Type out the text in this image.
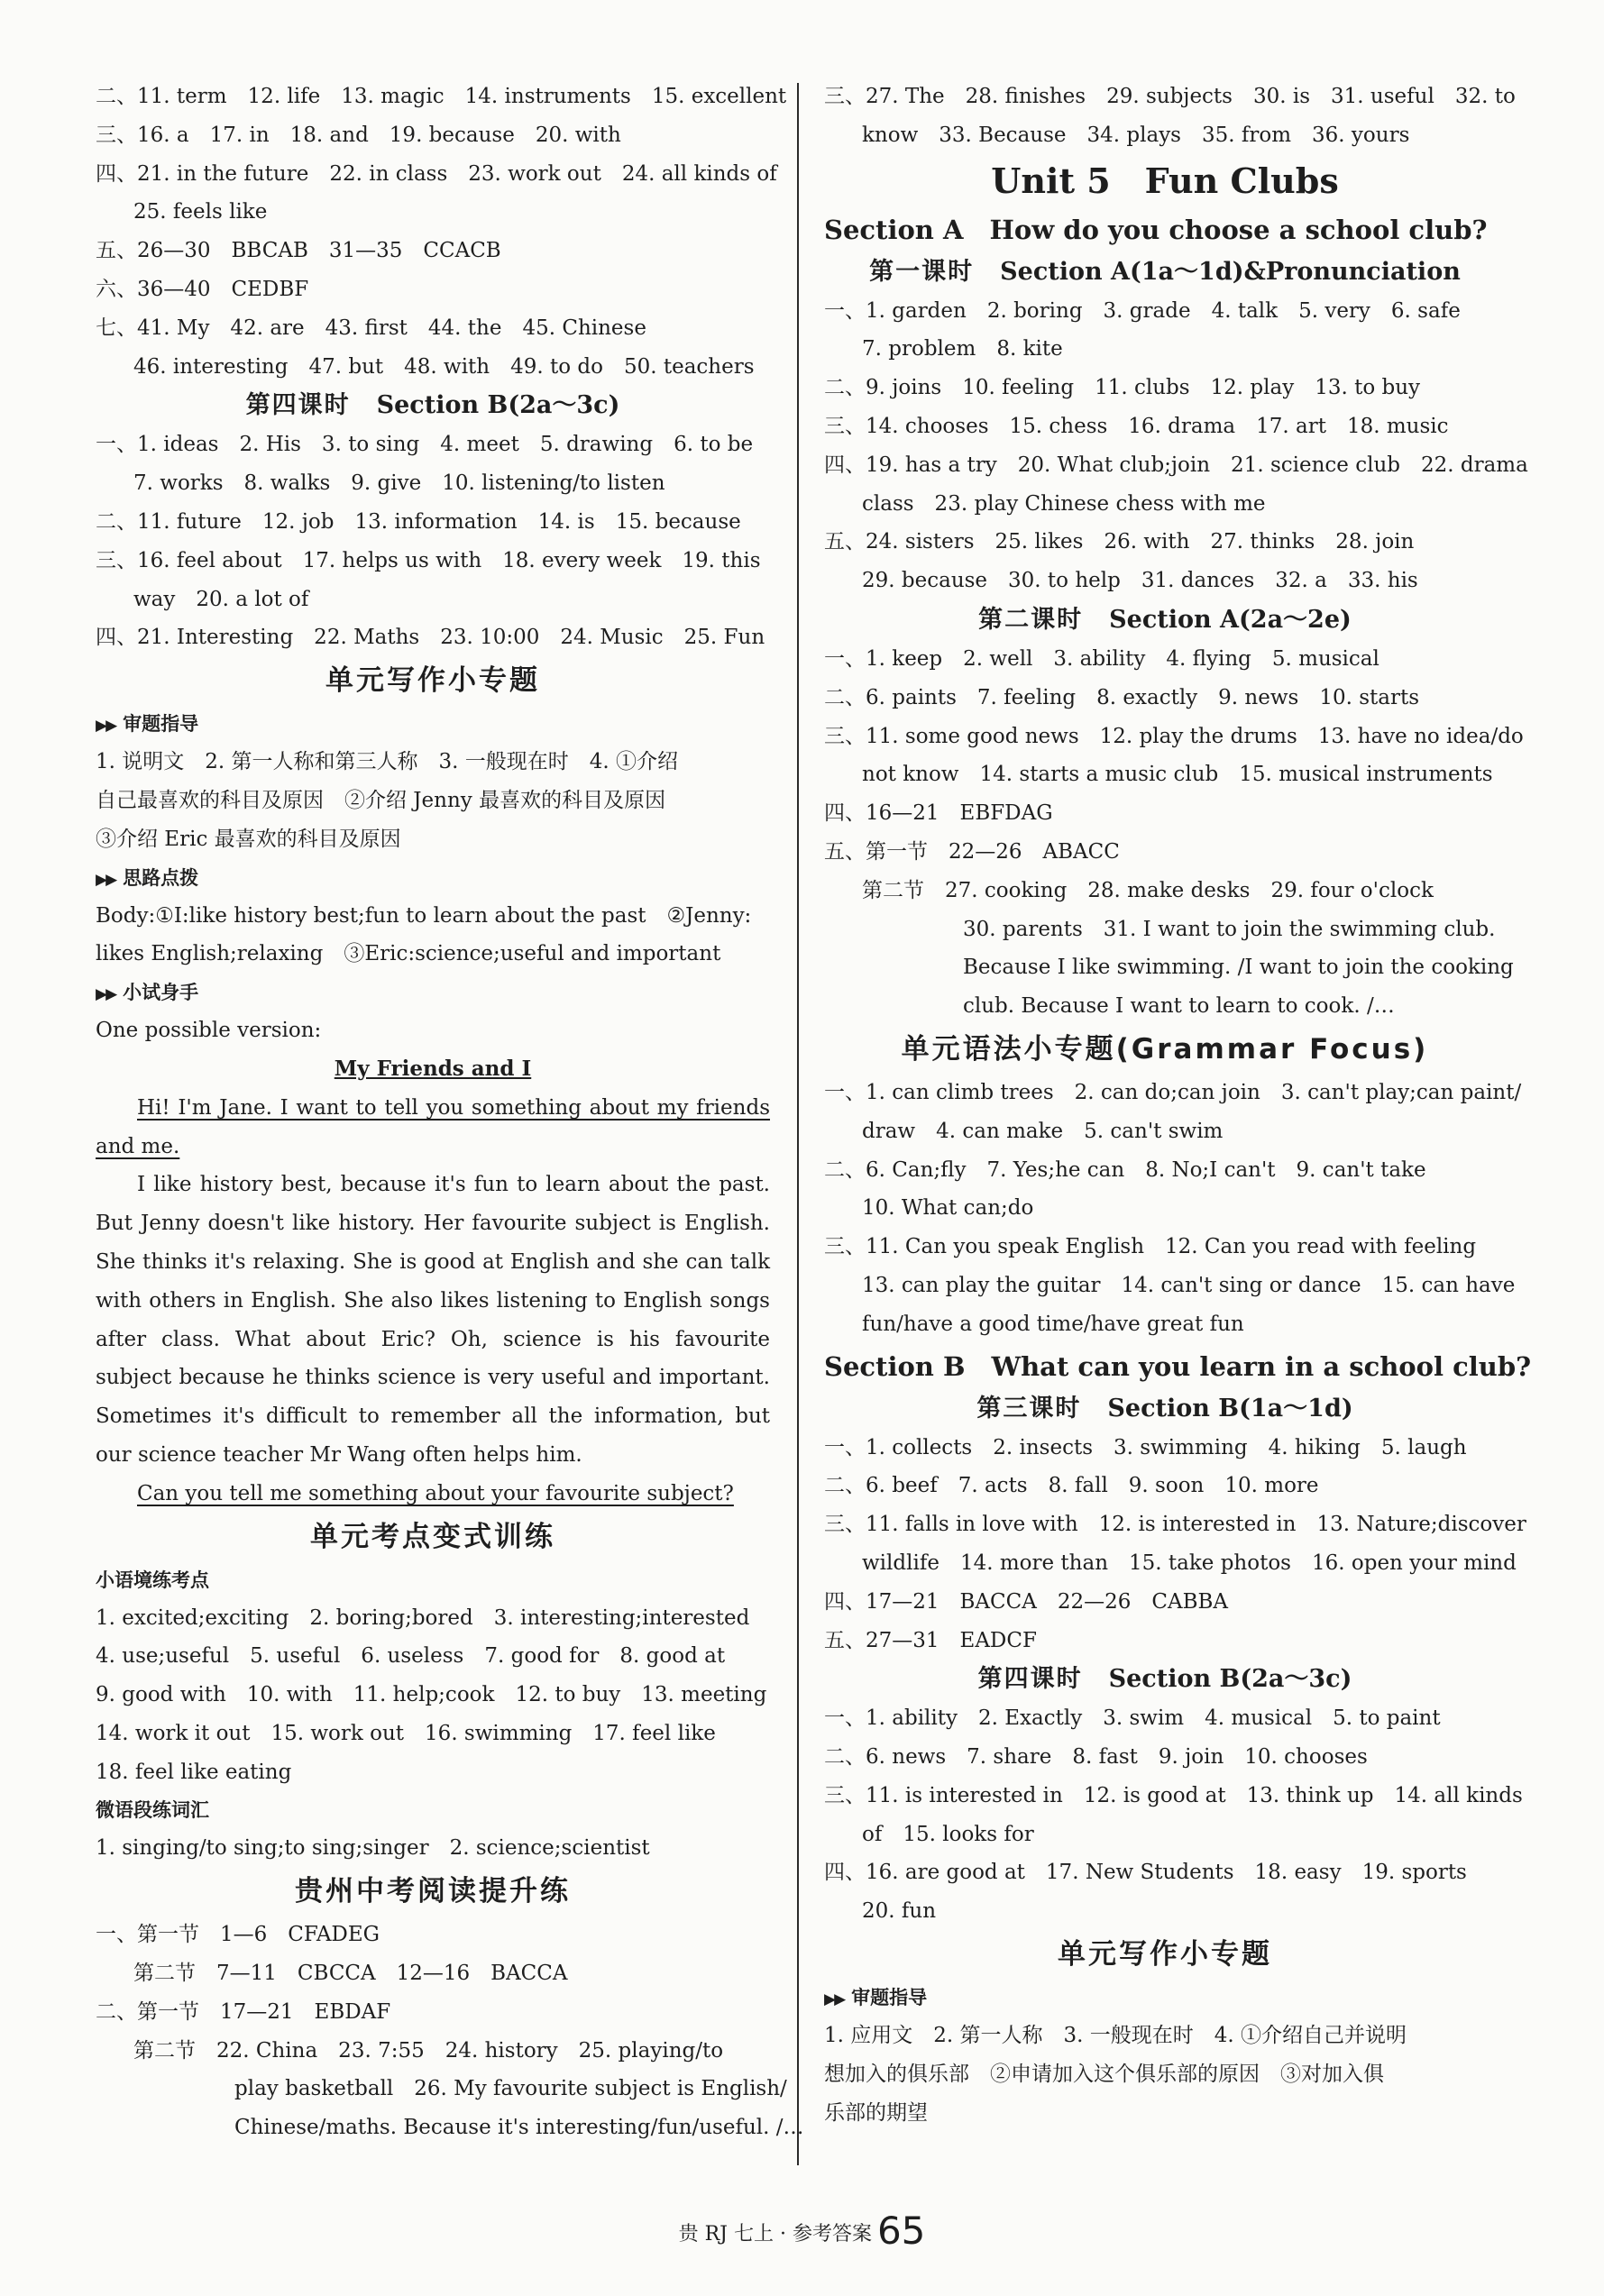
二、11. term　12. life　13. magic　14. instruments　15. excellent
三、16. a　17. in　18. and　19. because　20. with
四、21. in the future　22. in class　23. work out　24. all kinds of
25. feels like
五、26—30　BBCAB　31—35　CCACB
六、36—40　CEDBF
七、41. My　42. are　43. first　44. the　45. Chinese
46. interesting　47. but　48. with　49. to do　50. teachers
第四课时　 Section B(2a～3c)
一、1. ideas　2. His　3. to sing　4. meet　5. drawing　6. to be
7. works　8. walks　9. give　10. listening/to listen
二、11. future　12. job　13. information　14. is　15. because
三、16. feel about　17. helps us with　18. every week　19. this
way　20. a lot of
四、21. Interesting　22. Maths　23. 10:00　24. Music　25. Fun
单元写作小专题
▶▶ 审题指导
1. 说明文　2. 第一人称和第三人称　3. 一般现在时　4. ①介绍
自己最喜欢的科目及原因　②介绍 Jenny 最喜欢的科目及原因
③介绍 Eric 最喜欢的科目及原因
▶▶ 思路点拨
Body:①I:like history best;fun to learn about the past　②Jenny:
likes English;relaxing　③Eric:science;useful and important
▶▶ 小试身手
One possible version:
My Friends and I

Hi! I'm Jane. I want to tell you something about my friends and me.

I like history best, because it's fun to learn about the past. But Jenny doesn't like history. Her favourite subject is English. She thinks it's relaxing. She is good at English and she can talk with others in English. She also likes listening to English songs after class. What about Eric? Oh, science is his favourite subject because he thinks science is very useful and important. Sometimes it's difficult to remember all the information, but our science teacher Mr Wang often helps him.

Can you tell me something about your favourite subject?

单元考点变式训练
小语境练考点
1. excited;exciting　2. boring;bored　3. interesting;interested
4. use;useful　5. useful　6. useless　7. good for　8. good at
9. good with　10. with　11. help;cook　12. to buy　13. meeting
14. work it out　15. work out　16. swimming　17. feel like
18. feel like eating
微语段练词汇
1. singing/to sing;to sing;singer　2. science;scientist
贵州中考阅读提升练
一、第一节　1—6　CFADEG
第二节　7—11　CBCCA　12—16　BACCA
二、第一节　17—21　EBDAF
第二节　22. China　23. 7:55　24. history　25. playing/to
play basketball　26. My favourite subject is English/
Chinese/maths. Because it's interesting/fun/useful. /…
三、27. The　28. finishes　29. subjects　30. is　31. useful　32. to
know　33. Because　34. plays　35. from　36. yours
Unit 5　Fun Clubs
Section A　How do you choose a school club?
第一课时　 Section A(1a～1d)&Pronunciation
一、1. garden　2. boring　3. grade　4. talk　5. very　6. safe
7. problem　8. kite
二、9. joins　10. feeling　11. clubs　12. play　13. to buy
三、14. chooses　15. chess　16. drama　17. art　18. music
四、19. has a try　20. What club;join　21. science club　22. drama
class　23. play Chinese chess with me
五、24. sisters　25. likes　26. with　27. thinks　28. join
29. because　30. to help　31. dances　32. a　33. his
第二课时　 Section A(2a～2e)
一、1. keep　2. well　3. ability　4. flying　5. musical
二、6. paints　7. feeling　8. exactly　9. news　10. starts
三、11. some good news　12. play the drums　13. have no idea/do
not know　14. starts a music club　15. musical instruments
四、16—21　EBFDAG
五、第一节　22—26　ABACC
第二节　27. cooking　28. make desks　29. four o'clock
30. parents　31. I want to join the swimming club.
Because I like swimming. /I want to join the cooking
club. Because I want to learn to cook. /…
单元语法小专题(Grammar Focus)
一、1. can climb trees　2. can do;can join　3. can't play;can paint/
draw　4. can make　5. can't swim
二、6. Can;fly　7. Yes;he can　8. No;I can't　9. can't take
10. What can;do
三、11. Can you speak English　12. Can you read with feeling
13. can play the guitar　14. can't sing or dance　15. can have
fun/have a good time/have great fun
Section B　What can you learn in a school club?
第三课时　 Section B(1a～1d)
一、1. collects　2. insects　3. swimming　4. hiking　5. laugh
二、6. beef　7. acts　8. fall　9. soon　10. more
三、11. falls in love with　12. is interested in　13. Nature;discover
wildlife　14. more than　15. take photos　16. open your mind
四、17—21　BACCA　22—26　CABBA
五、27—31　EADCF
第四课时　 Section B(2a～3c)
一、1. ability　2. Exactly　3. swim　4. musical　5. to paint
二、6. news　7. share　8. fast　9. join　10. chooses
三、11. is interested in　12. is good at　13. think up　14. all kinds
of　15. looks for
四、16. are good at　17. New Students　18. easy　19. sports
20. fun
单元写作小专题
▶▶ 审题指导
1. 应用文　2. 第一人称　3. 一般现在时　4. ①介绍自己并说明
想加入的俱乐部　②申请加入这个俱乐部的原因　③对加入俱
乐部的期望
贵 RJ 七上 · 参考答案 65
